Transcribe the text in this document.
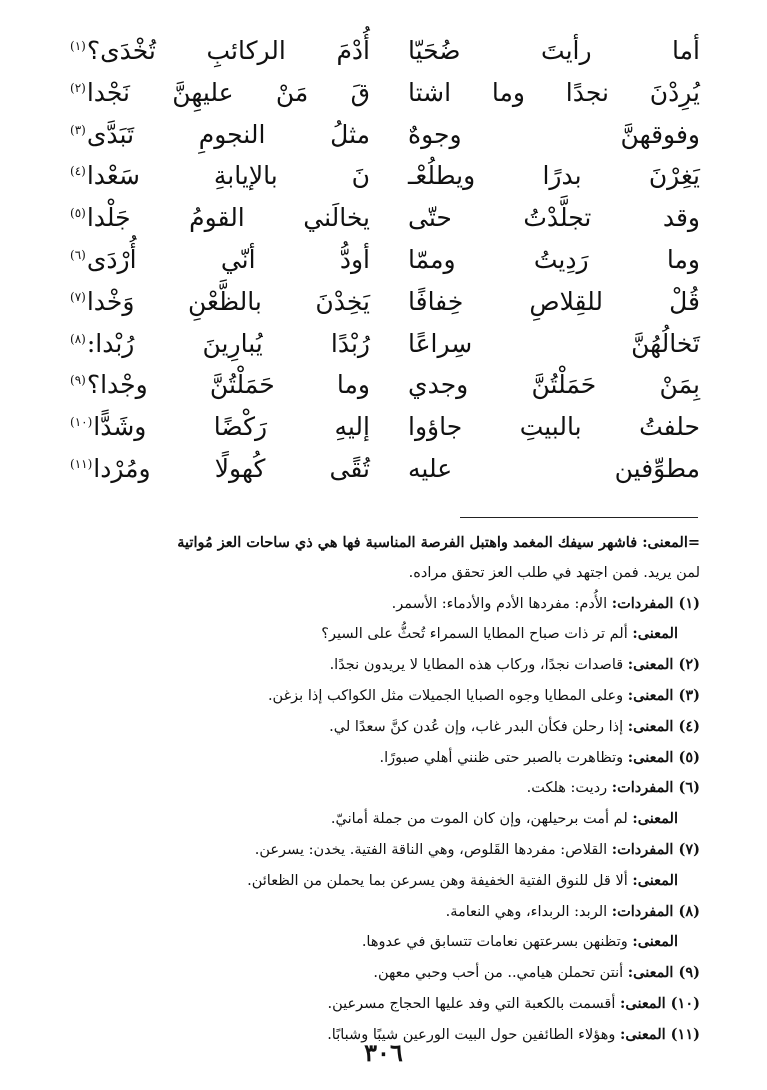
أما رأيتَ ضُحَيّا
أُدْمَ الركائبِ تُخْدَى؟$^{(١)}$
يُرِدْنَ نجدًا وما اشتا
قَ مَنْ عليهِنَّ نَجْدا$^{(٢)}$
وفوقهنَّ وجوهٌ
مثلُ النجومِ تَبَدَّى$^{(٣)}$
يَغِرْنَ بدرًا ويطلُعْـ
نَ بالإيابةِ سَعْدا$^{(٤)}$
وقد تجلَّدْتُ حتّى
يخالَني القومُ جَلْدا$^{(٥)}$
وما رَدِيتُ وممّا
أودُّ أنّي أُرْدَى$^{(٦)}$
قُلْ للقِلاصِ خِفافًا
يَخِدْنَ بالظَّعْنِ وَخْدا$^{(٧)}$
تَخالُهُنَّ سِراعًا
رُبْدًا يُبارِينَ رُبْدا:$^{(٨)}$
بِمَنْ حَمَلْتُنَّ وجدي
وما حَمَلْتُنَّ وجْدا؟$^{(٩)}$
حلفتُ بالبيتِ جاؤوا
إليهِ رَكْضًا وشَدًّا$^{(١٠)}$
مطوِّفين عليه
تُقًى كُهولًا ومُرْدا$^{(١١)}$
=المعنى: فاشهر سيفك المغمد واهتبل الفرصة المناسبة فها هي ذي ساحات العز مُواتية
لمن يريد. فمن اجتهد في طلب العز تحقق مراده.
(١) المفردات: الأُدم: مفردها الأدم والأدماء: الأسمر.
المعنى: ألم تر ذات صباح المطايا السمراء تُحثُّ على السير؟
(٢) المعنى: قاصدات نجدًا، وركاب هذه المطايا لا يريدون نجدًا.
(٣) المعنى: وعلى المطايا وجوه الصبايا الجميلات مثل الكواكب إذا بزغن.
(٤) المعنى: إذا رحلن فكأن البدر غاب، وإن عُدن كنَّ سعدًا لي.
(٥) المعنى: وتظاهرت بالصبر حتى ظنني أهلي صبورًا.
(٦) المفردات: رديت: هلكت.
المعنى: لم أمت برحيلهن، وإن كان الموت من جملة أمانيّ.
(٧) المفردات: القلاص: مفردها القَلوص، وهي الناقة الفتية. يخدن: يسرعن.
المعنى: ألا قل للنوق الفتية الخفيفة وهن يسرعن بما يحملن من الظعائن.
(٨) المفردات: الربد: الربداء، وهي النعامة.
المعنى: وتظنهن بسرعتهن نعامات تتسابق في عدوها.
(٩) المعنى: أنتن تحملن هيامي.. من أحب وحبي معهن.
(١٠) المعنى: أقسمت بالكعبة التي وفد عليها الحجاج مسرعين.
(١١) المعنى: وهؤلاء الطائفين حول البيت الورعين شيبًا وشبابًا.
٣٠٦
